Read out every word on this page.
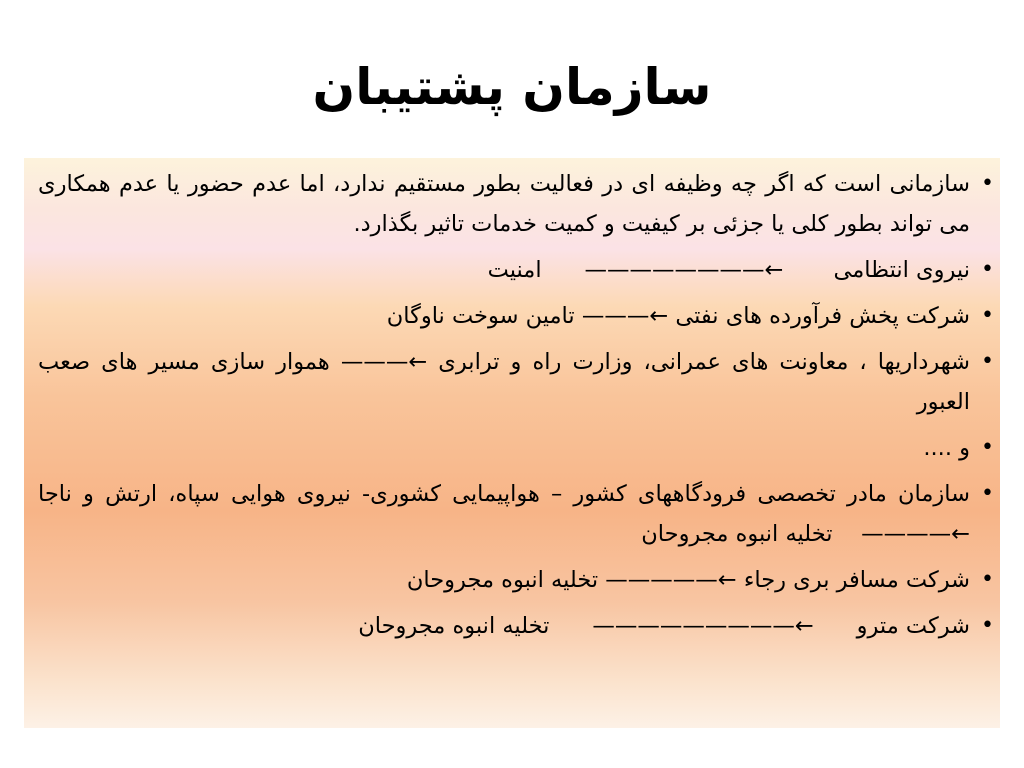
سازمان پشتیبان
• سازمانی است که اگر چه وظیفه ای در فعالیت بطور مستقیم ندارد، اما عدم حضور یا عدم همکاری می تواند بطور کلی یا جزئی بر کیفیت و کمیت خدمات تاثیر بگذارد.
• نیروی انتظامی       ←————————      امنیت
• شرکت پخش فرآورده های نفتی ←——— تامین سوخت ناوگان
• شهرداریها ، معاونت های عمرانی، وزارت راه و ترابری ←——— هموار سازی مسیر های صعب العبور
• و ....
• سازمان مادر تخصصی فرودگاههای کشور – هواپیمایی کشوری- نیروی هوایی سپاه، ارتش و ناجا ←————    تخلیه انبوه مجروحان
• شرکت مسافر بری رجاء ←————— تخلیه انبوه مجروحان
• شرکت مترو      ←—————————      تخلیه انبوه مجروحان
